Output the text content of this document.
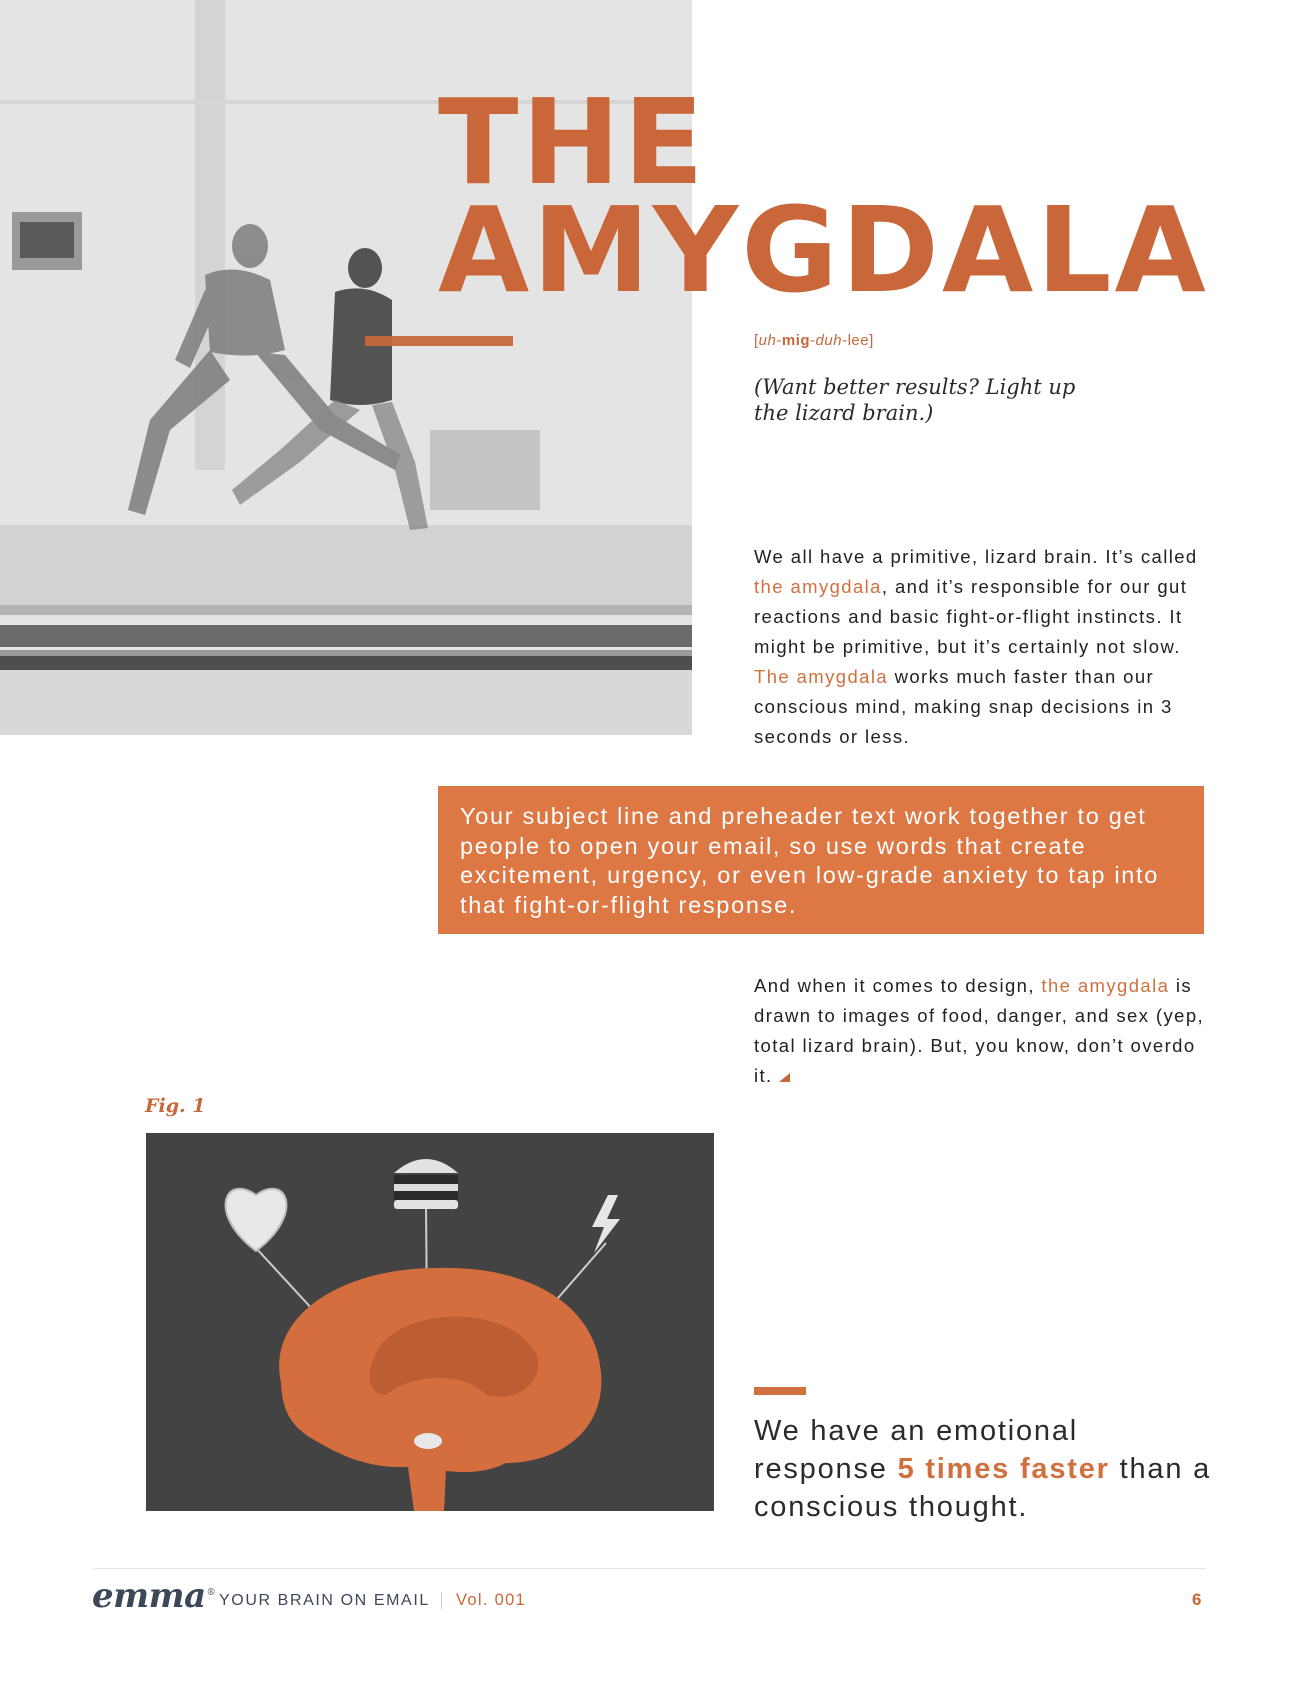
THE
AMYGDALA
[uh-mig-duh-lee]
(Want better results? Light up the lizard brain.)

We all have a primitive, lizard brain. It’s called the amygdala, and it’s responsible for our gut reactions and basic fight-or-flight instincts. It might be primitive, but it’s certainly not slow. The amygdala works much faster than our conscious mind, making snap decisions in 3 seconds or less.

Your subject line and preheader text work together to get people to open your email, so use words that create excitement, urgency, or even low-grade anxiety to tap into that fight-or-flight response.

And when it comes to design, the amygdala is drawn to images of food, danger, and sex (yep, total lizard brain). But, you know, don’t overdo it.

Fig. 1
We have an emotional response 5 times faster than a conscious thought.
emma® YOUR BRAIN ON EMAIL Vol. 001	6
